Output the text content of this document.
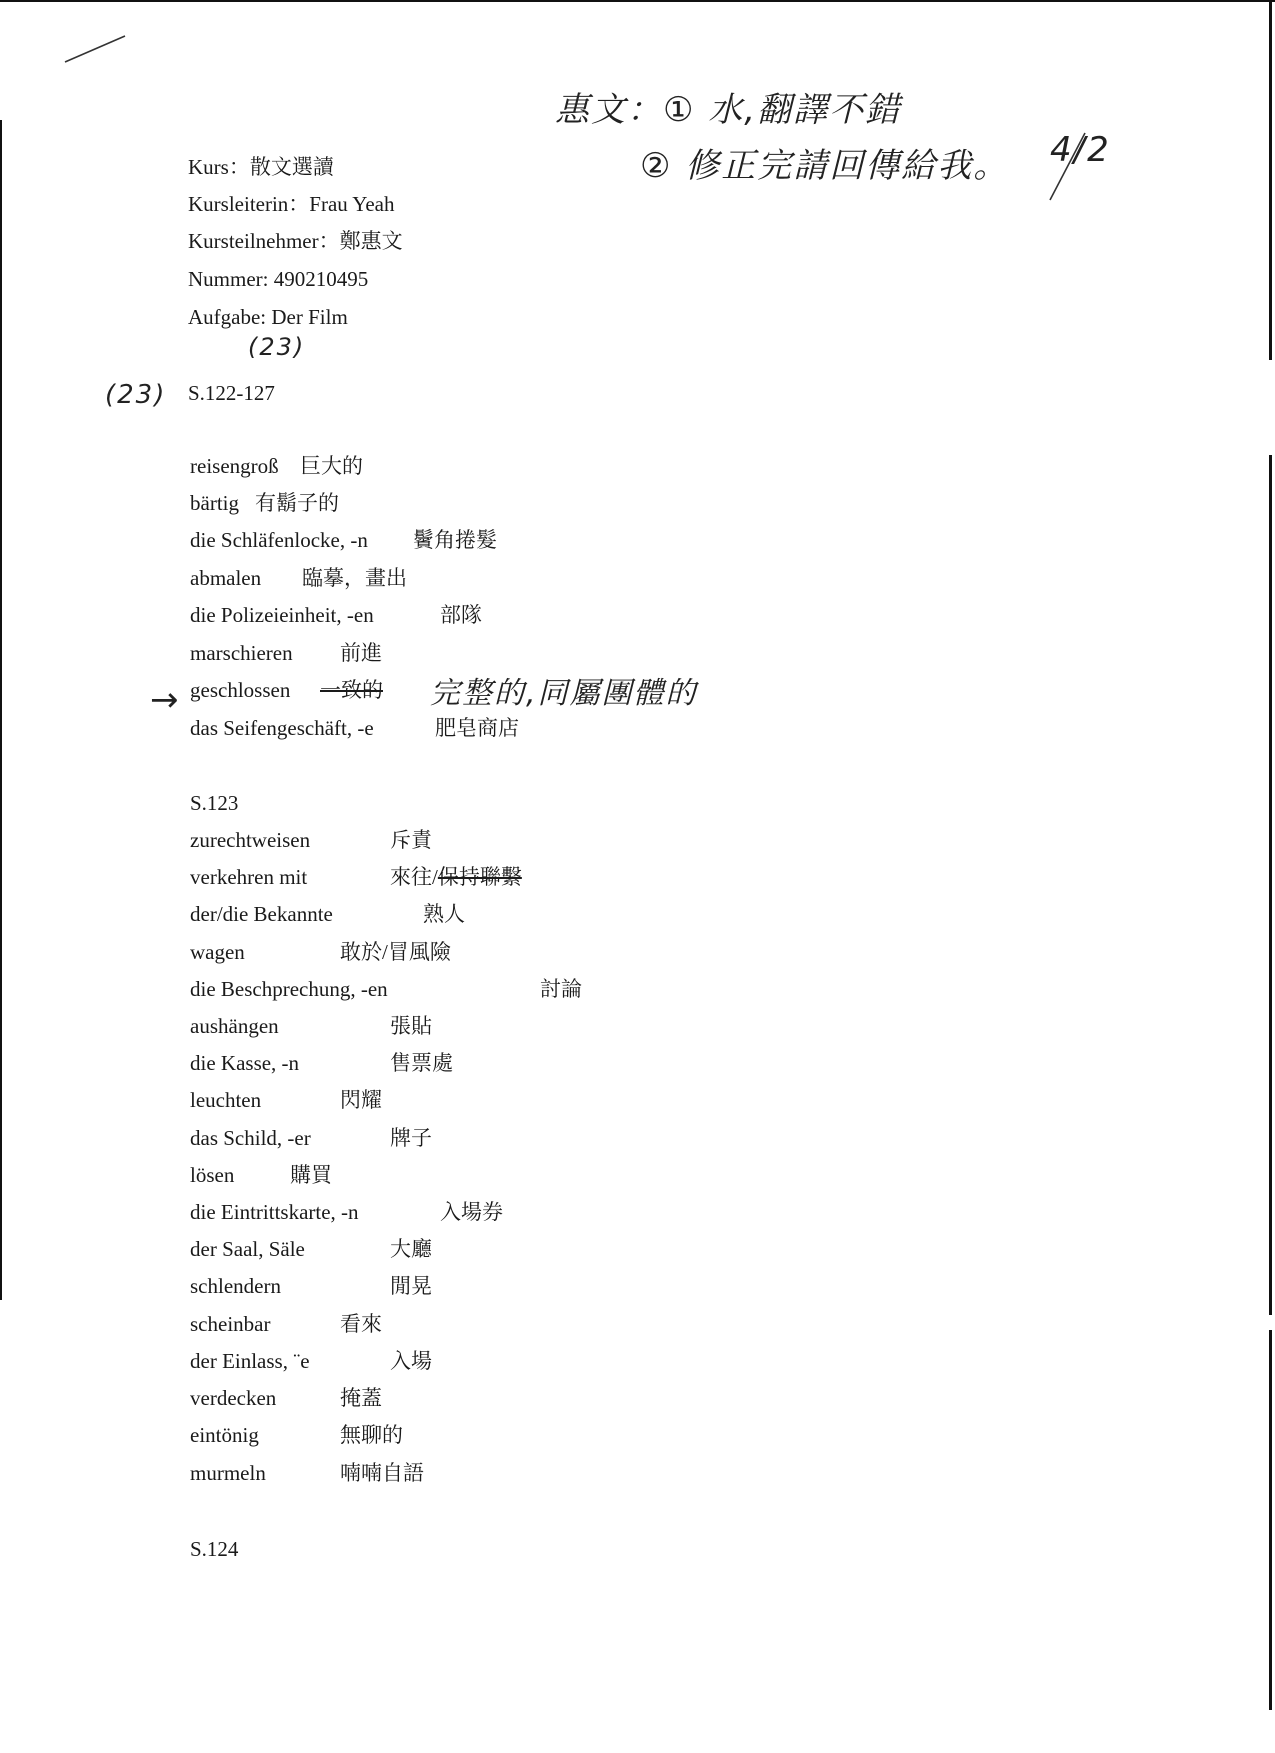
惠文：① 水,翻譯不錯
② 修正完請回傳給我。 4/2
(23)
(23)
→	完整的,同屬團體的
Kurs：散文選讀
Kursleiterin：Frau Yeah
Kursteilnehmer：鄭惠文
Nummer: 490210495
Aufgabe: Der Film
S.122-127
reisengroß 巨大的
bärtig 有鬍子的
die Schläfenlocke, -n 鬢角捲髮
abmalen 臨摹，畫出
die Polizeieinheit, -en	部隊
marschieren 前進
geschlossen 一致的
das Seifengeschäft, -e	肥皂商店
S.123
zurechtweisen	斥責
verkehren mit	來往/保持聯繫
der/die Bekannte	熟人
wagen	敢於/冒風險
die Beschprechung, -en	討論
aushängen	張貼
die Kasse, -n	售票處
leuchten	閃耀
das Schild, -er	牌子
lösen	購買
die Eintrittskarte, -n	入場券
der Saal, Säle	大廳
schlendern	閒晃
scheinbar	看來
der Einlass, ¨e	入場
verdecken	掩蓋
eintönig	無聊的
murmeln	喃喃自語
S.124
